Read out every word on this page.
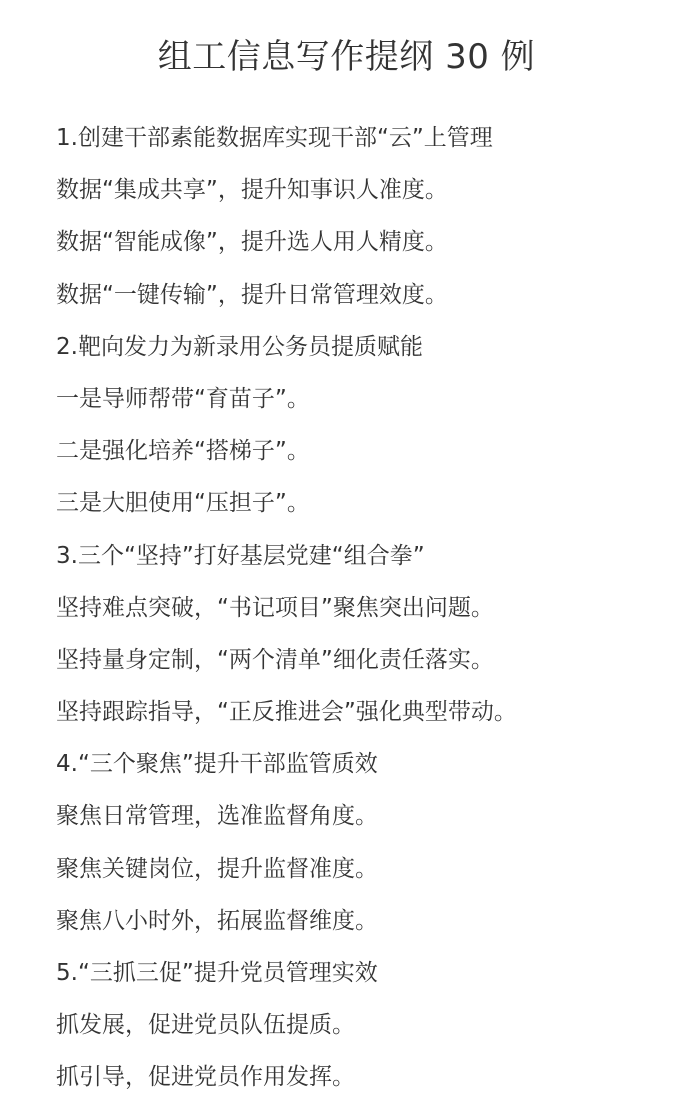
组工信息写作提纲 30 例
1.创建干部素能数据库实现干部“云”上管理
数据“集成共享”，提升知事识人准度。
数据“智能成像”，提升选人用人精度。
数据“一键传输”，提升日常管理效度。
2.靶向发力为新录用公务员提质赋能
一是导师帮带“育苗子”。
二是强化培养“搭梯子”。
三是大胆使用“压担子”。
3.三个“坚持”打好基层党建“组合拳”
坚持难点突破，“书记项目”聚焦突出问题。
坚持量身定制，“两个清单”细化责任落实。
坚持跟踪指导，“正反推进会”强化典型带动。
4.“三个聚焦”提升干部监管质效
聚焦日常管理，选准监督角度。
聚焦关键岗位，提升监督准度。
聚焦八小时外，拓展监督维度。
5.“三抓三促”提升党员管理实效
抓发展，促进党员队伍提质。
抓引导，促进党员作用发挥。
